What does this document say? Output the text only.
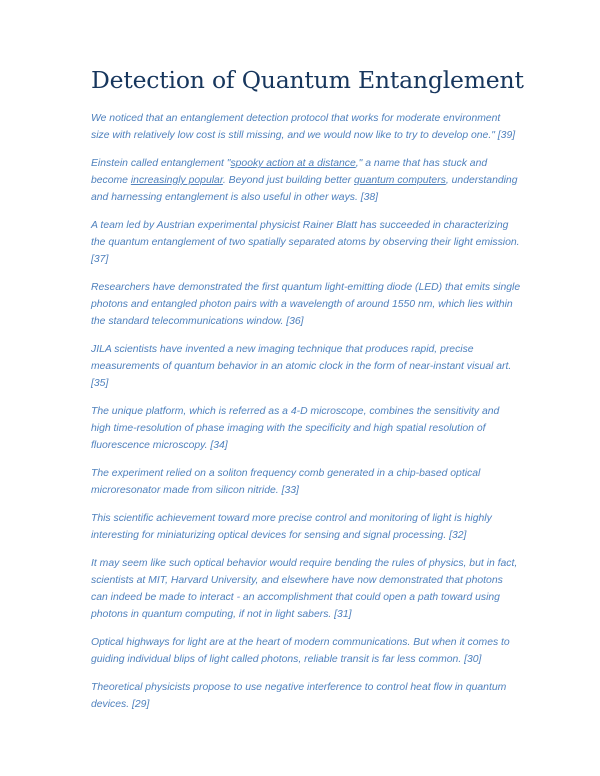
Detection of Quantum Entanglement

We noticed that an entanglement detection protocol that works for moderate environment size with relatively low cost is still missing, and we would now like to try to develop one." [39]

Einstein called entanglement "spooky action at a distance," a name that has stuck and become increasingly popular. Beyond just building better quantum computers, understanding and harnessing entanglement is also useful in other ways. [38]

A team led by Austrian experimental physicist Rainer Blatt has succeeded in characterizing the quantum entanglement of two spatially separated atoms by observing their light emission. [37]

Researchers have demonstrated the first quantum light-emitting diode (LED) that emits single photons and entangled photon pairs with a wavelength of around 1550 nm, which lies within the standard telecommunications window. [36]

JILA scientists have invented a new imaging technique that produces rapid, precise measurements of quantum behavior in an atomic clock in the form of near-instant visual art. [35]

The unique platform, which is referred as a 4-D microscope, combines the sensitivity and high time-resolution of phase imaging with the specificity and high spatial resolution of fluorescence microscopy. [34]

The experiment relied on a soliton frequency comb generated in a chip-based optical microresonator made from silicon nitride. [33]

This scientific achievement toward more precise control and monitoring of light is highly interesting for miniaturizing optical devices for sensing and signal processing. [32]

It may seem like such optical behavior would require bending the rules of physics, but in fact, scientists at MIT, Harvard University, and elsewhere have now demonstrated that photons can indeed be made to interact - an accomplishment that could open a path toward using photons in quantum computing, if not in light sabers. [31]

Optical highways for light are at the heart of modern communications. But when it comes to guiding individual blips of light called photons, reliable transit is far less common. [30]

Theoretical physicists propose to use negative interference to control heat flow in quantum devices. [29]
